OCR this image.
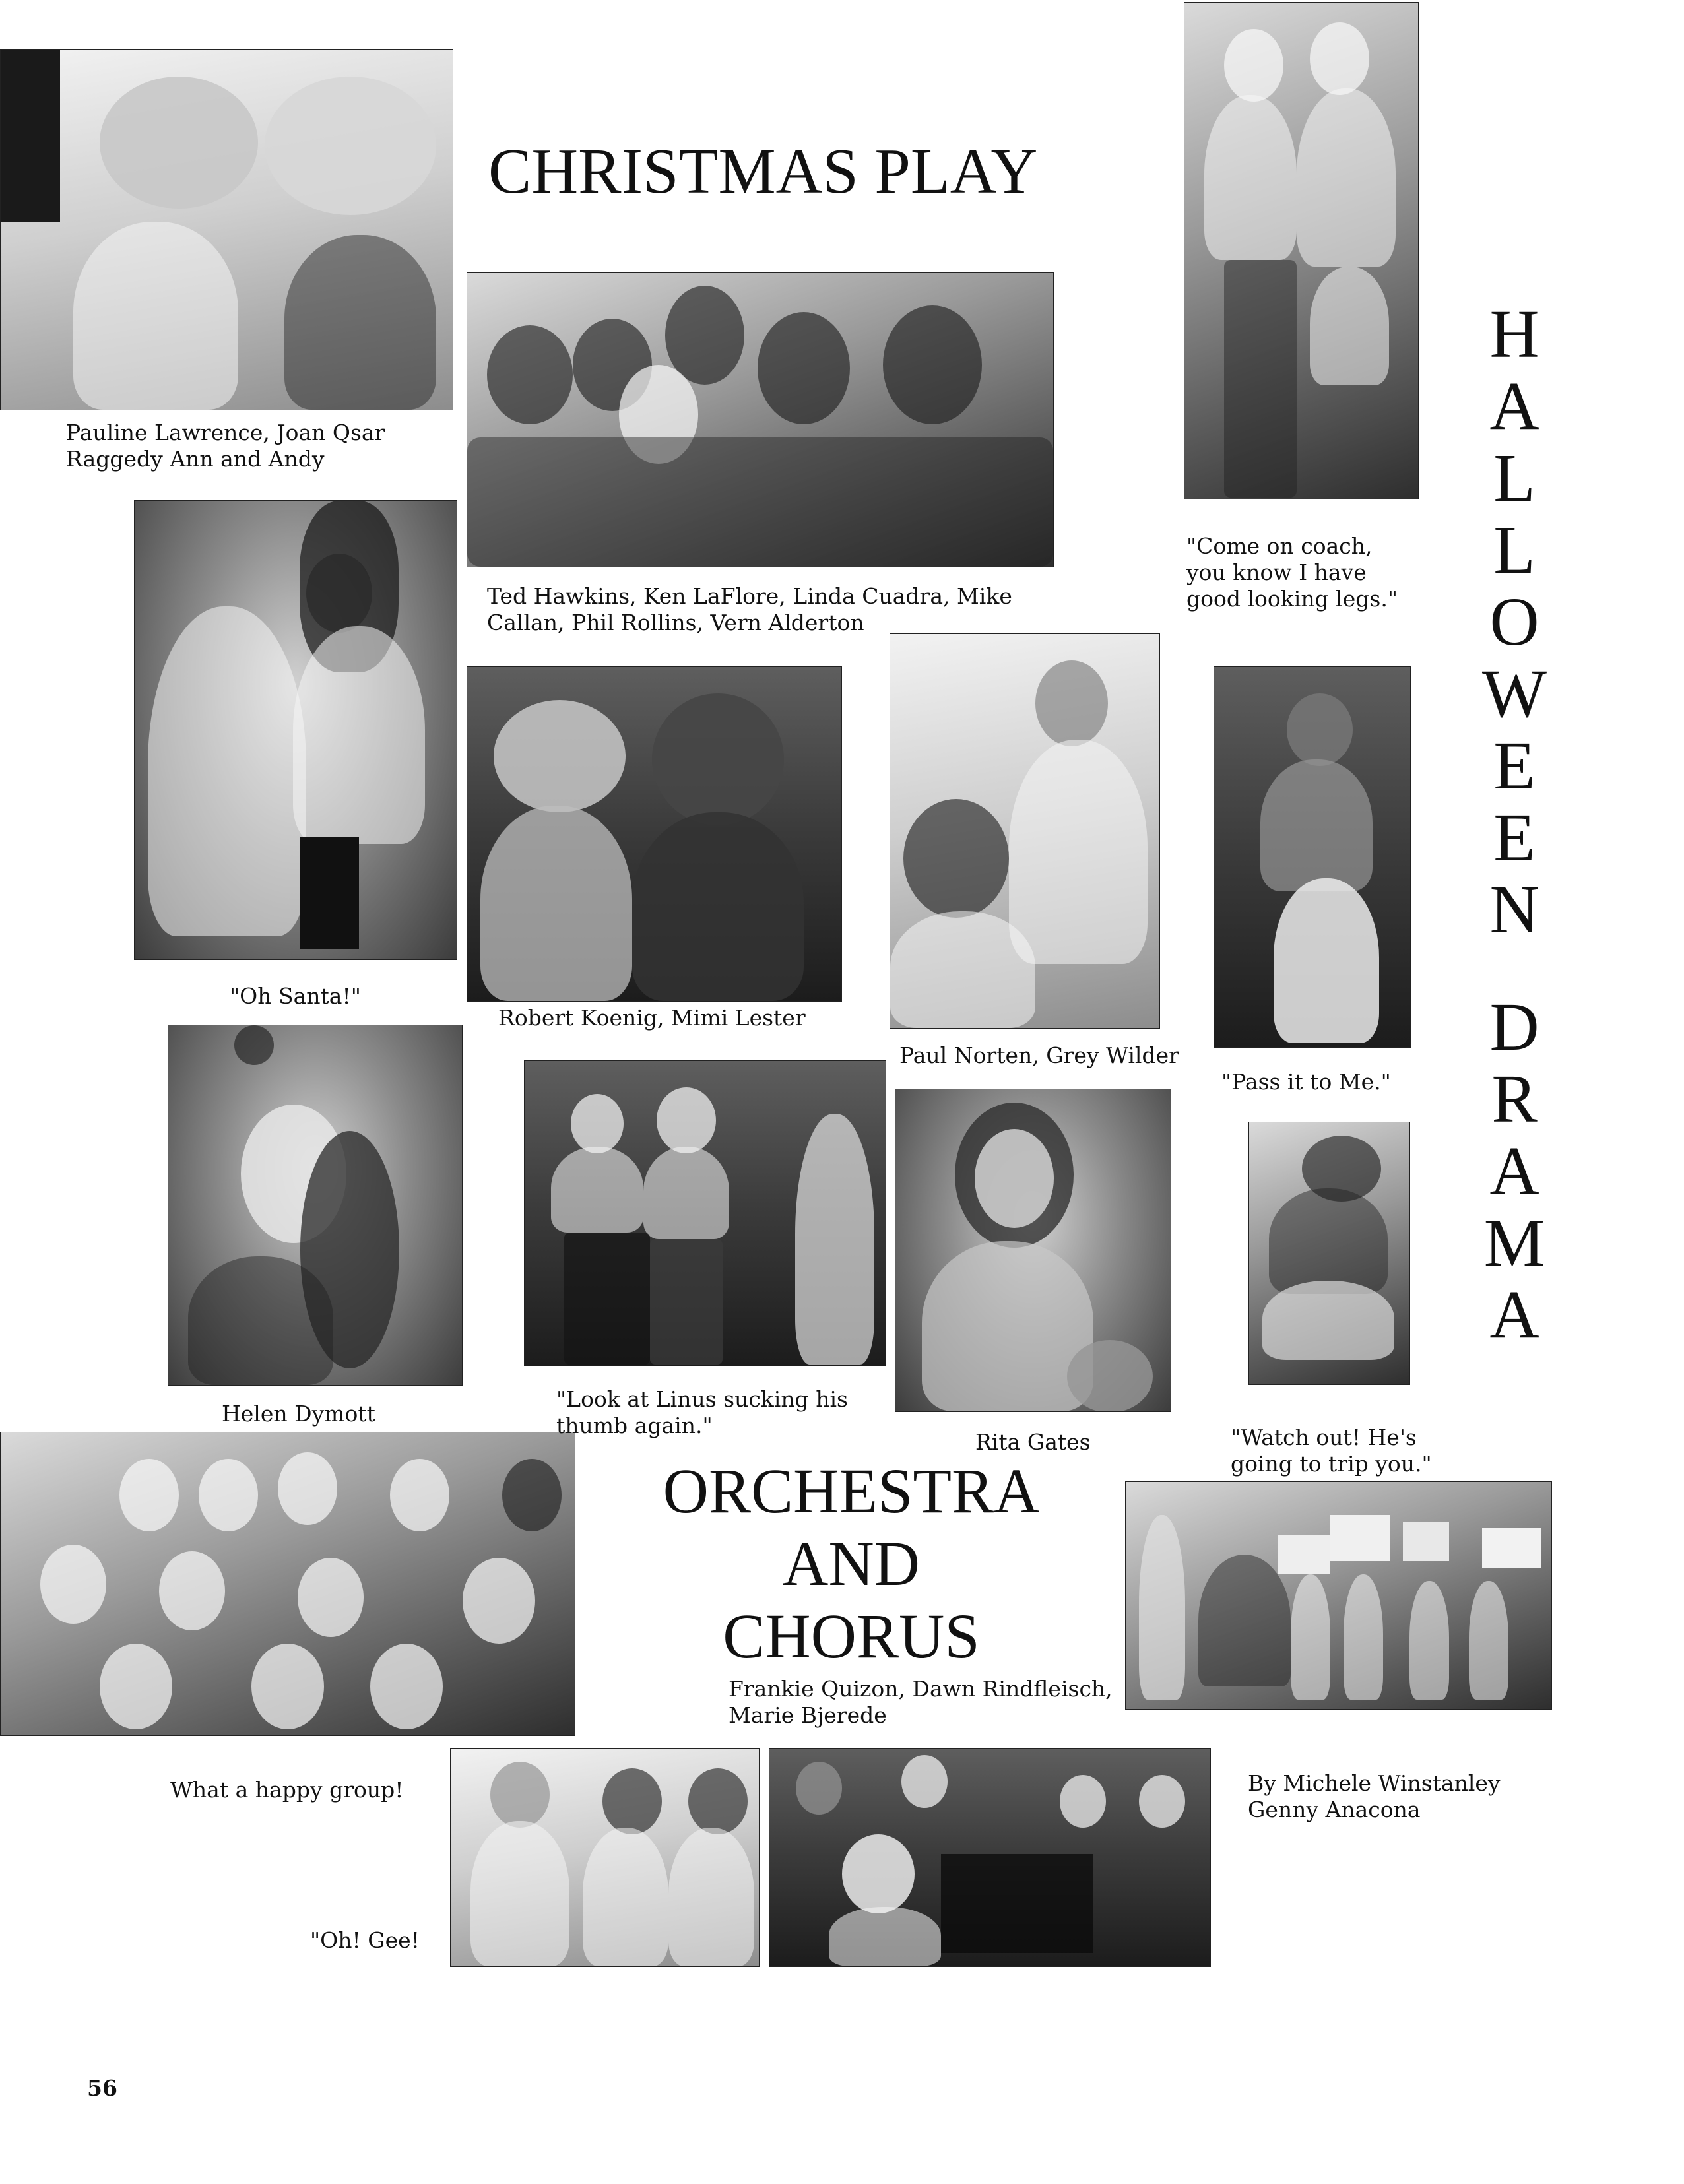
CHRISTMAS PLAY
ORCHESTRA
AND
CHORUS
H
A
L
L
O
W
E
E
N
D
R
A
M
A
Pauline Lawrence, Joan Qsar
Raggedy Ann and Andy
Ted Hawkins, Ken LaFlore, Linda Cuadra, Mike
Callan, Phil Rollins, Vern Alderton
"Come on coach,
you know I have
good looking legs."
"Oh Santa!"
Robert Koenig, Mimi Lester
Paul Norten, Grey Wilder
"Pass it to Me."
Helen Dymott
"Look at Linus sucking his
thumb again."
Rita Gates	"Watch out! He's
going to trip you."
Frankie Quizon, Dawn Rindfleisch,
Marie Bjerede
What a happy group!
"Oh! Gee!
By Michele Winstanley
Genny Anacona
56
